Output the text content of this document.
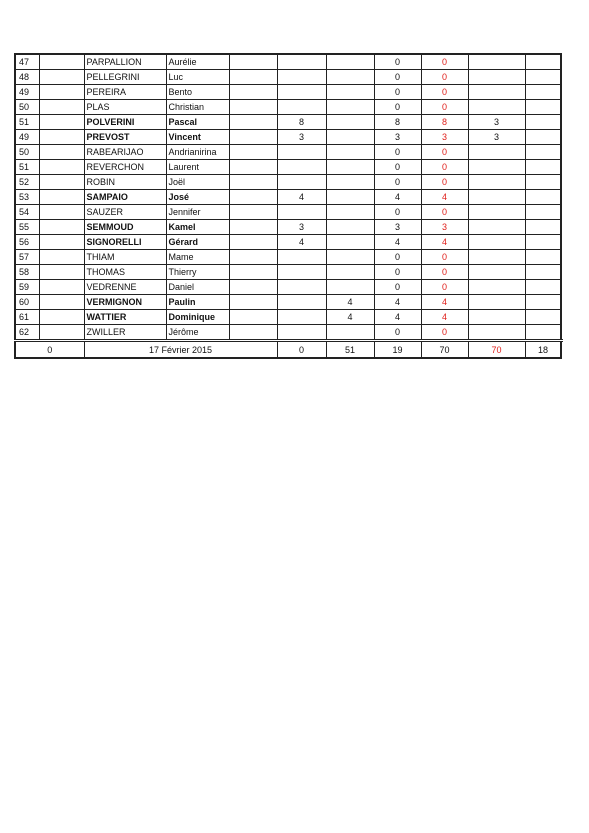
47		PARPALLION	Aurélie				0	0			
48		PELLEGRINI	Luc				0	0			
49		PEREIRA	Bento				0	0			
50		PLAS	Christian				0	0			
51		POLVERINI	Pascal		8		8	8	3		
49		PREVOST	Vincent		3		3	3	3		
50		RABEARIJAO	Andrianirina				0	0			
51		REVERCHON	Laurent				0	0			
52		ROBIN	Joël				0	0			
53		SAMPAIO	José		4		4	4			
54		SAUZER	Jennifer				0	0			
55		SEMMOUD	Kamel		3		3	3			
56		SIGNORELLI	Gérard		4		4	4			
57		THIAM	Mame				0	0			
58		THOMAS	Thierry				0	0			
59		VEDRENNE	Daniel				0	0			
60		VERMIGNON	Paulin			4	4	4			
61		WATTIER	Dominique			4	4	4			
62		ZWILLER	Jérôme				0	0			
0		17 Février 2015			0	51	19	70	70	18	
